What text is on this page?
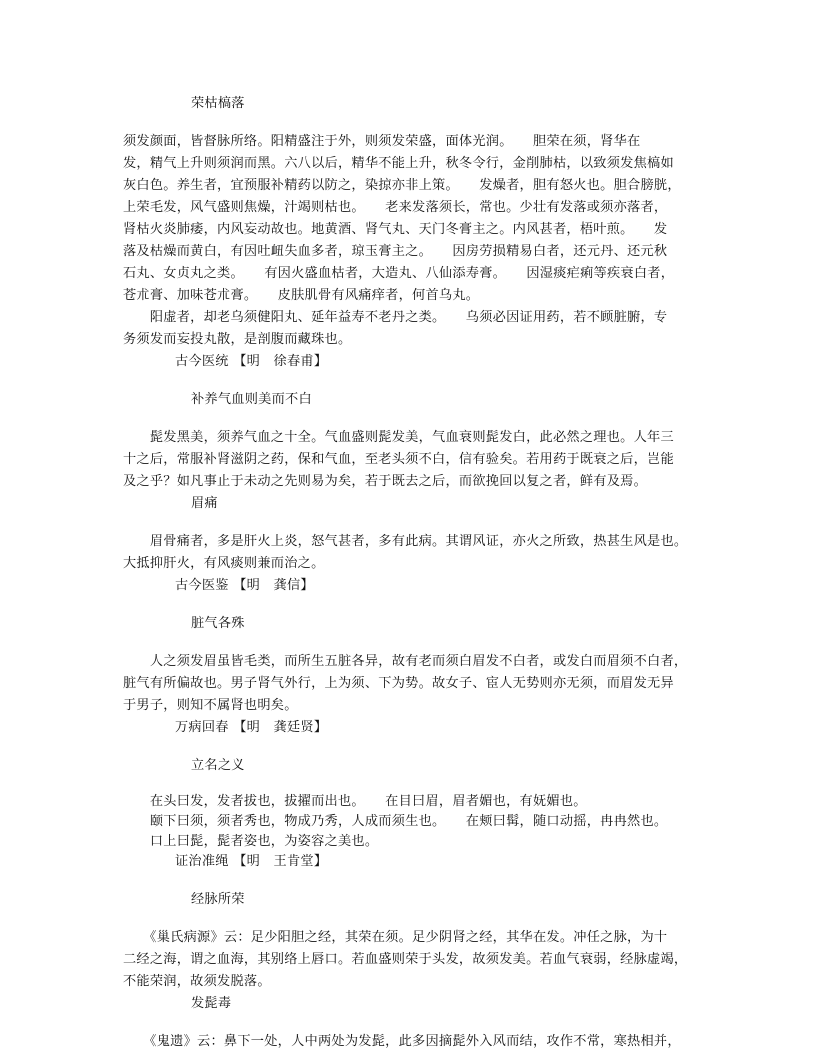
荣枯槁落
须发颜面，皆督脉所络。阳精盛注于外，则须发荣盛，面体光润。　　胆荣在须，肾华在
发，精气上升则须润而黑。六八以后，精华不能上升，秋冬令行，金削肺枯，以致须发焦槁如
灰白色。养生者，宜预服补精药以防之，染掠亦非上策。　　发燥者，胆有怒火也。胆合膀胱，
上荣毛发，风气盛则焦燥，汁竭则枯也。　　老来发落须长，常也。少壮有发落或须亦落者，
肾枯火炎肺痿，内风妄动故也。地黄酒、肾气丸、天门冬膏主之。内风甚者，梧叶煎。　　发
落及枯燥而黄白，有因吐衄失血多者，琼玉膏主之。　　因房劳损精易白者，还元丹、还元秋
石丸、女贞丸之类。　　有因火盛血枯者，大造丸、八仙添寿膏。　　因湿痰疟痢等疾衰白者，
苍朮膏、加味苍朮膏。　　皮肤肌骨有风痛痒者，何首乌丸。
　　阳虚者，却老乌须健阳丸、延年益寿不老丹之类。　　乌须必因证用药，若不顾脏腑，专
务须发而妄投丸散，是剖腹而藏珠也。
古今医统 【明　徐春甫】
补养气血则美而不白
　　髭发黑美，须养气血之十全。气血盛则髭发美，气血衰则髭发白，此必然之理也。人年三
十之后，常服补肾滋阴之药，保和气血，至老头须不白，信有验矣。若用药于既衰之后，岂能
及之乎？如凡事止于未动之先则易为矣，若于既去之后，而欲挽回以复之者，鲜有及焉。
眉痛
　　眉骨痛者，多是肝火上炎，怒气甚者，多有此病。其谓风证，亦火之所致，热甚生风是也。
大抵抑肝火，有风痰则兼而治之。
古今医鉴 【明　龚信】
脏气各殊
　　人之须发眉虽皆毛类，而所生五脏各异，故有老而须白眉发不白者，或发白而眉须不白者，
脏气有所偏故也。男子肾气外行，上为须、下为势。故女子、宦人无势则亦无须，而眉发无异
于男子，则知不属肾也明矣。
万病回春 【明　龚廷贤】
立名之义
　　在头曰发，发者拔也，拔擢而出也。　　在目曰眉，眉者媚也，有妩媚也。
　　颐下曰须，须者秀也，物成乃秀，人成而须生也。　　在颊曰髯，随口动摇，冉冉然也。
　　口上曰髭，髭者姿也，为姿容之美也。
证治准绳 【明　王肯堂】
经脉所荣
　　《巢氏病源》云：足少阳胆之经，其荣在须。足少阴肾之经，其华在发。冲任之脉，为十
二经之海，谓之血海，其别络上唇口。若血盛则荣于头发，故须发美。若血气衰弱，经脉虚竭，
不能荣润，故须发脱落。
发髭毒
　　《鬼遗》云：鼻下一处，人中两处为发髭，此多因摘髭外入风而结，攻作不常，寒热相并，
